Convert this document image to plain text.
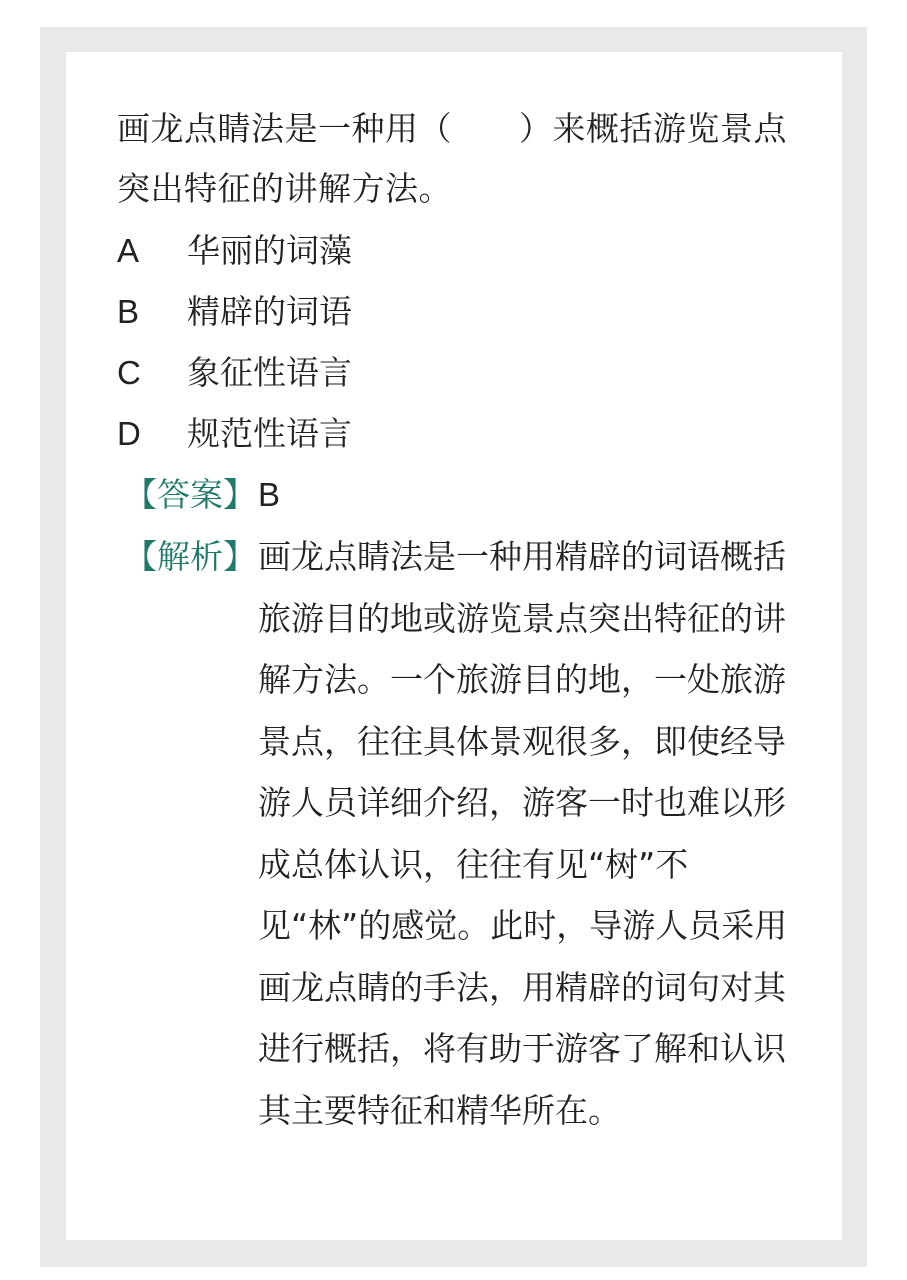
画龙点睛法是一种用（　　）来概括游览景点突出特征的讲解方法。

A 华丽的词藻
B 精辟的词语
C 象征性语言
D 规范性语言
【答案】B
【解析】 画龙点睛法是一种用精辟的词语概括旅游目的地或游览景点突出特征的讲解方法。一个旅游目的地，一处旅游景点，往往具体景观很多，即使经导游人员详细介绍，游客一时也难以形成总体认识，往往有见“树”不见“林”的感觉。此时，导游人员采用画龙点睛的手法，用精辟的词句对其进行概括，将有助于游客了解和认识其主要特征和精华所在。
